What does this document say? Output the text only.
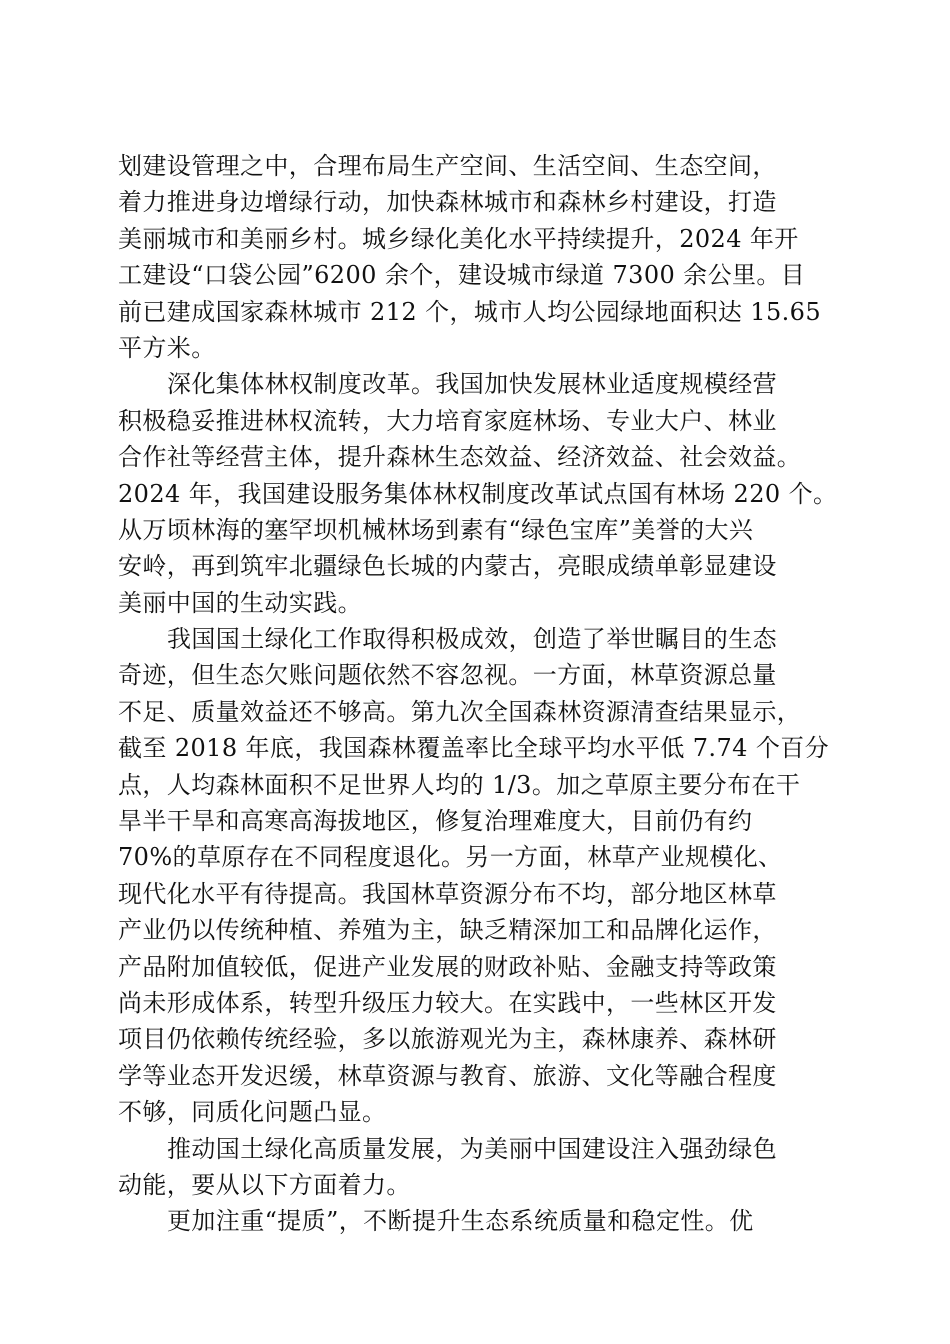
划建设管理之中，合理布局生产空间、生活空间、生态空间，
着力推进身边增绿行动，加快森林城市和森林乡村建设，打造
美丽城市和美丽乡村。城乡绿化美化水平持续提升，2024 年开
工建设“口袋公园”6200 余个，建设城市绿道 7300 余公里。目
前已建成国家森林城市 212 个，城市人均公园绿地面积达 15.65
平方米。
深化集体林权制度改革。我国加快发展林业适度规模经营
积极稳妥推进林权流转，大力培育家庭林场、专业大户、林业
合作社等经营主体，提升森林生态效益、经济效益、社会效益。
2024 年，我国建设服务集体林权制度改革试点国有林场 220 个。
从万顷林海的塞罕坝机械林场到素有“绿色宝库”美誉的大兴
安岭，再到筑牢北疆绿色长城的内蒙古，亮眼成绩单彰显建设
美丽中国的生动实践。
我国国土绿化工作取得积极成效，创造了举世瞩目的生态
奇迹，但生态欠账问题依然不容忽视。一方面，林草资源总量
不足、质量效益还不够高。第九次全国森林资源清查结果显示，
截至 2018 年底，我国森林覆盖率比全球平均水平低 7.74 个百分
点，人均森林面积不足世界人均的 1/3。加之草原主要分布在干
旱半干旱和高寒高海拔地区，修复治理难度大，目前仍有约
70%的草原存在不同程度退化。另一方面，林草产业规模化、
现代化水平有待提高。我国林草资源分布不均，部分地区林草
产业仍以传统种植、养殖为主，缺乏精深加工和品牌化运作，
产品附加值较低，促进产业发展的财政补贴、金融支持等政策
尚未形成体系，转型升级压力较大。在实践中，一些林区开发
项目仍依赖传统经验，多以旅游观光为主，森林康养、森林研
学等业态开发迟缓，林草资源与教育、旅游、文化等融合程度
不够，同质化问题凸显。
推动国土绿化高质量发展，为美丽中国建设注入强劲绿色
动能，要从以下方面着力。
更加注重“提质”，不断提升生态系统质量和稳定性。优
